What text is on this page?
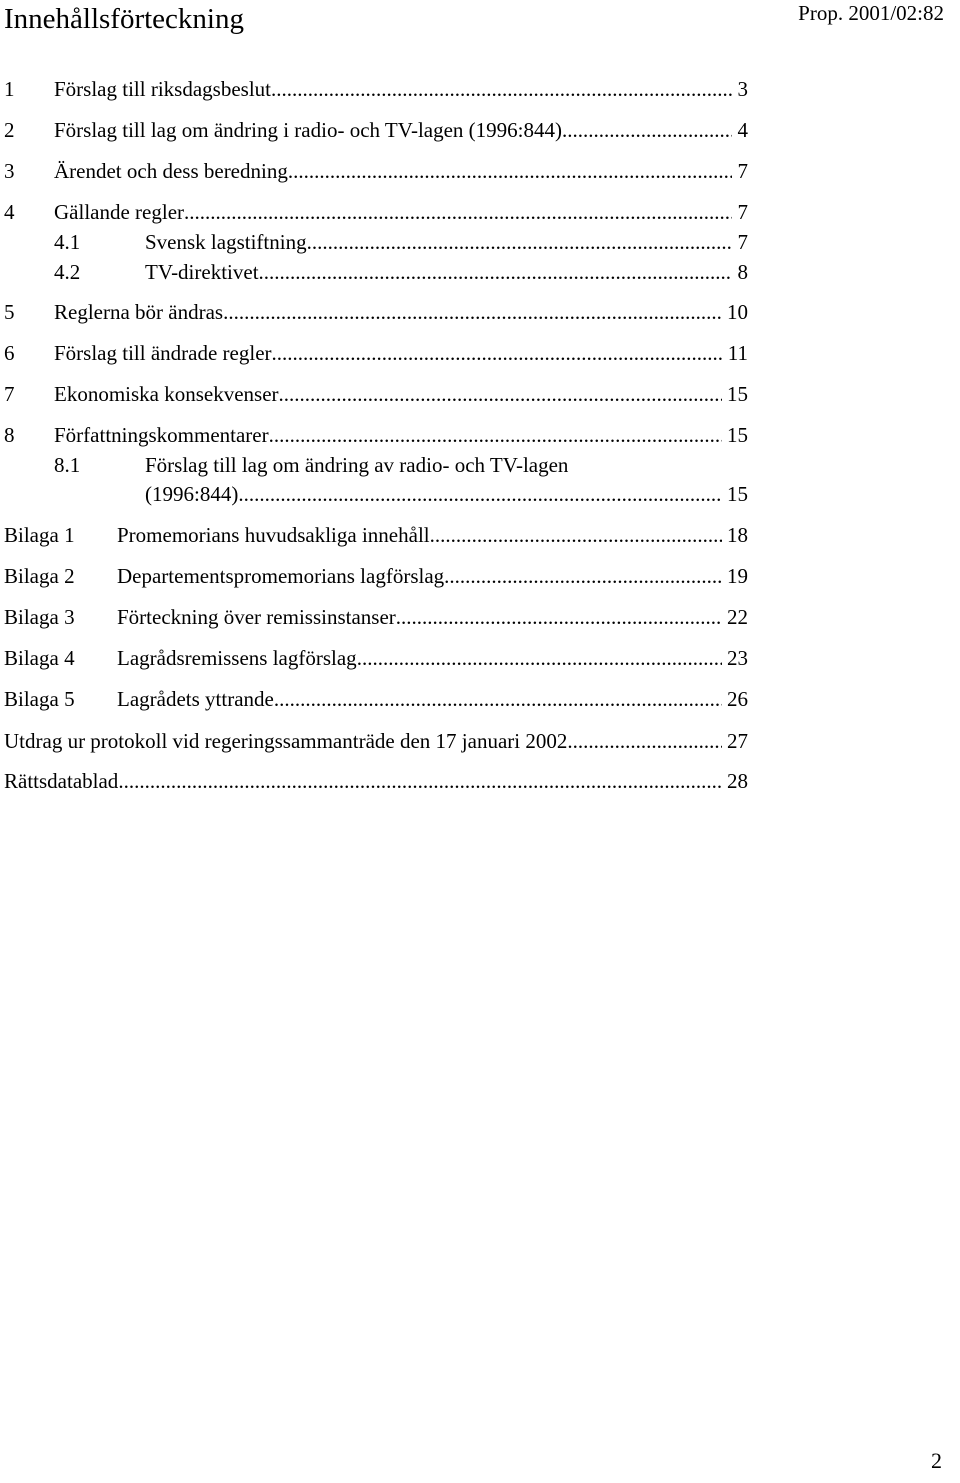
Innehållsförteckning	Prop. 2001/02:82
1 Förslag till riksdagsbeslut .....	3
2 Förslag till lag om ändring i radio- och TV-lagen (1996:844) .....	4
3 Ärendet och dess beredning .....	7
4 Gällande regler .....	7
4.1	Svensk lagstiftning .....	7
4.2	TV-direktivet .....	8
5 Reglerna bör ändras .....	10
6 Förslag till ändrade regler .....	11
7 Ekonomiska konsekvenser .....	15
8 Författningskommentarer .....	15
8.1	Förslag till lag om ändring av radio- och TV-lagen
(1996:844) .....	15
Bilaga 1 Promemorians huvudsakliga innehåll .....	18
Bilaga 2 Departementspromemorians lagförslag .....	19
Bilaga 3 Förteckning över remissinstanser .....	22
Bilaga 4 Lagrådsremissens lagförslag .....	23
Bilaga 5 Lagrådets yttrande .....	26
Utdrag ur protokoll vid regeringssammanträde den 17 januari 2002 .....	27
Rättsdatablad .....	28
2
